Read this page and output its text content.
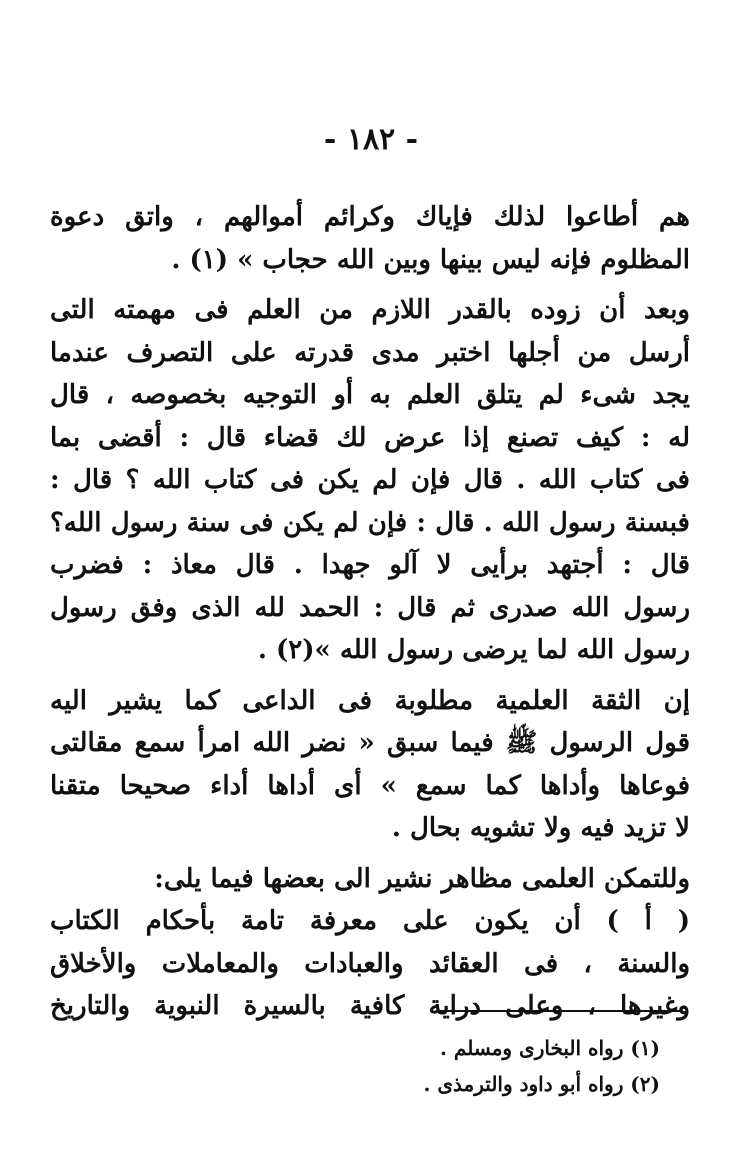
- ١٨٢ -
هم أطاعوا لذلك فإياك وكرائم أموالهم ، واتق دعوة
المظلوم فإنه ليس بينها وبين الله حجاب » (١) .
وبعد أن زوده بالقدر اللازم من العلم فى مهمته التى
أرسل من أجلها اختبر مدى قدرته على التصرف عندما
يجد شىء لم يتلق العلم به أو التوجيه بخصوصه ، قال
له : كيف تصنع إذا عرض لك قضاء قال : أقضى بما
فى كتاب الله . قال فإن لم يكن فى كتاب الله ؟ قال :
فبسنة رسول الله . قال : فإن لم يكن فى سنة رسول الله؟
قال : أجتهد برأيى لا آلو جهدا . قال معاذ : فضرب
رسول الله صدرى ثم قال : الحمد لله الذى وفق رسول
رسول الله لما يرضى رسول الله »(٢) .
إن الثقة العلمية مطلوبة فى الداعى كما يشير اليه
قول الرسول ﷺ فيما سبق « نضر الله امرأ سمع مقالتى
فوعاها وأداها كما سمع » أى أداها أداء صحيحا متقنا
لا تزيد فيه ولا تشويه بحال .
وللتمكن العلمى مظاهر نشير الى بعضها فيما يلى:
( أ ) أن يكون على معرفة تامة بأحكام الكتاب
والسنة ، فى العقائد والعبادات والمعاملات والأخلاق
وغيرها ، وعلى دراية كافية بالسيرة النبوية والتاريخ
(١) رواه البخارى ومسلم .
(٢) رواه أبو داود والترمذى .
